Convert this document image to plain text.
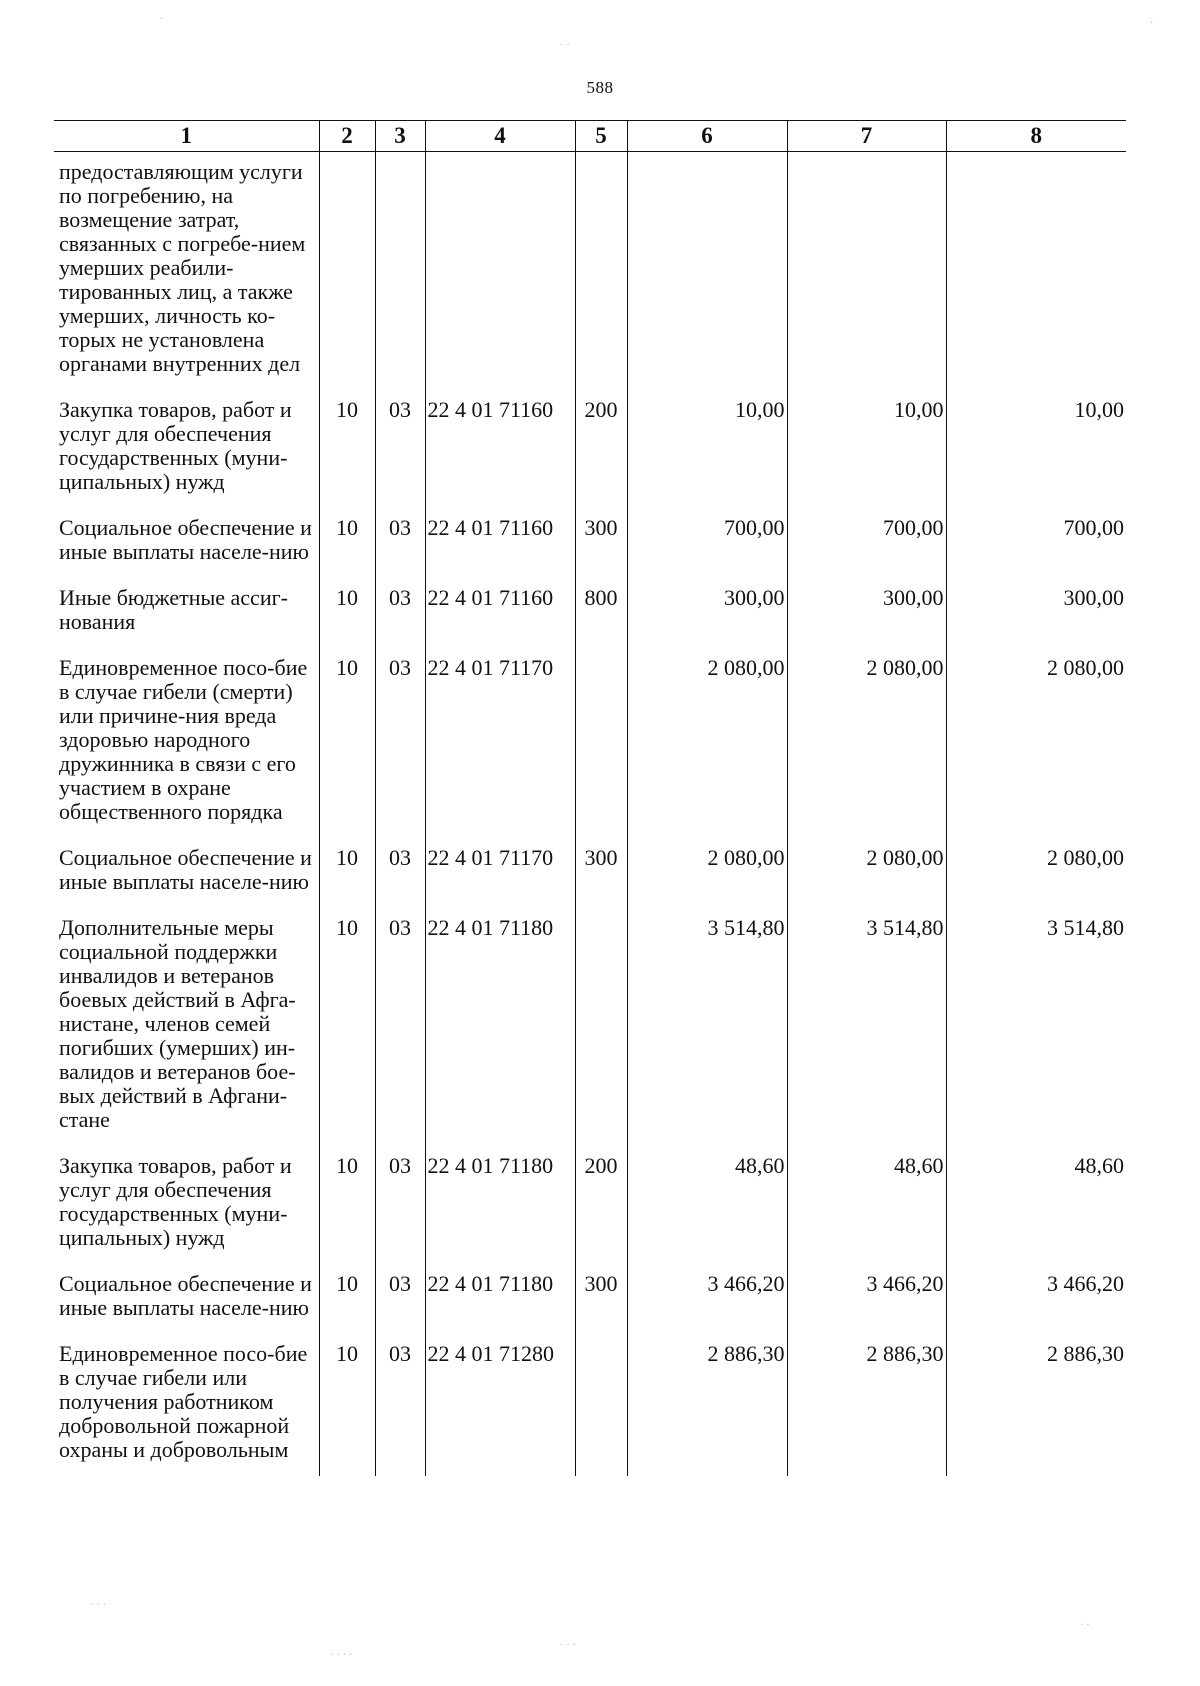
588
1	2	3	4	5	6	7	8
предоставляющим услуги по погребению, на возмещение затрат, связанных с погребе-нием умерших реабили-тированных лиц, а также умерших, личность ко-торых не установлена органами внутренних дел							
Закупка товаров, работ и услуг для обеспечения государственных (муни-ципальных) нужд	10	03	22 4 01 71160	200	10,00	10,00	10,00
Социальное обеспечение и иные выплаты населе-нию	10	03	22 4 01 71160	300	700,00	700,00	700,00
Иные бюджетные ассиг-нования	10	03	22 4 01 71160	800	300,00	300,00	300,00
Единовременное посо-бие в случае гибели (смерти) или причине-ния вреда здоровью народного дружинника в связи с его участием в охране общественного порядка	10	03	22 4 01 71170		2 080,00	2 080,00	2 080,00
Социальное обеспечение и иные выплаты населе-нию	10	03	22 4 01 71170	300	2 080,00	2 080,00	2 080,00
Дополнительные меры социальной поддержки инвалидов и ветеранов боевых действий в Афга-нистане, членов семей погибших (умерших) ин-валидов и ветеранов бое-вых действий в Афгани-стане	10	03	22 4 01 71180		3 514,80	3 514,80	3 514,80
Закупка товаров, работ и услуг для обеспечения государственных (муни-ципальных) нужд	10	03	22 4 01 71180	200	48,60	48,60	48,60
Социальное обеспечение и иные выплаты населе-нию	10	03	22 4 01 71180	300	3 466,20	3 466,20	3 466,20
Единовременное посо-бие в случае гибели или получения работником добровольной пожарной охраны и добровольным	10	03	22 4 01 71280		2 886,30	2 886,30	2 886,30
·
· ·
·
· · ·
· · ·
· ·
· · · ·
